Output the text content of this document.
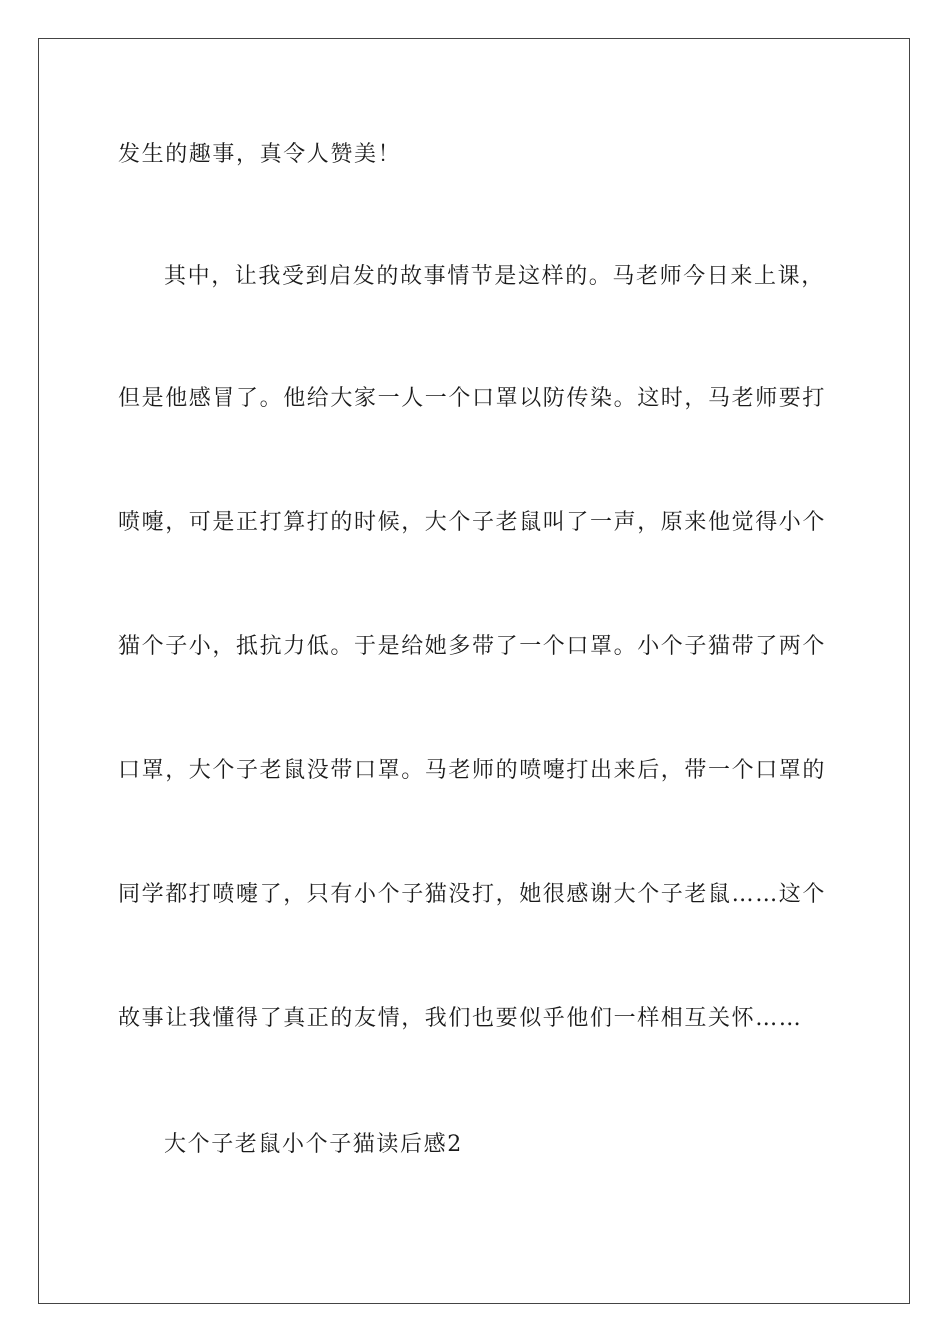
发生的趣事，真令人赞美！
其中，让我受到启发的故事情节是这样的。马老师今日来上课，
但是他感冒了。他给大家一人一个口罩以防传染。这时，马老师要打
喷嚏，可是正打算打的时候，大个子老鼠叫了一声，原来他觉得小个
猫个子小，抵抗力低。于是给她多带了一个口罩。小个子猫带了两个
口罩，大个子老鼠没带口罩。马老师的喷嚏打出来后，带一个口罩的
同学都打喷嚏了，只有小个子猫没打，她很感谢大个子老鼠……这个
故事让我懂得了真正的友情，我们也要似乎他们一样相互关怀……
大个子老鼠小个子猫读后感2
